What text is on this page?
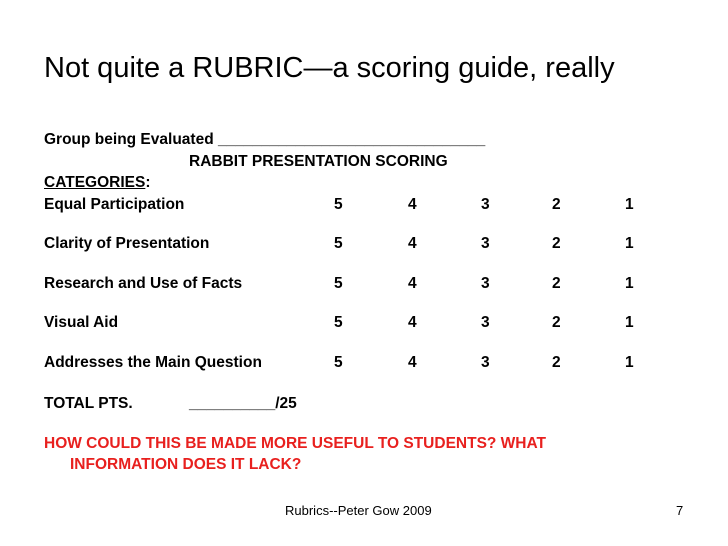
Not quite a RUBRIC—a scoring guide, really
Group being Evaluated _______________________________
RABBIT PRESENTATION SCORING
CATEGORIES:
Equal Participation	5	4	3	2	1
Clarity of Presentation	5	4	3	2	1
Research and Use of Facts	5	4	3	2	1
Visual Aid	5	4	3	2	1
Addresses the Main Question	5	4	3	2	1
TOTAL PTS.	__________/25
HOW COULD THIS BE MADE MORE USEFUL TO STUDENTS? WHAT
INFORMATION DOES IT LACK?
Rubrics--Peter Gow 2009	7
